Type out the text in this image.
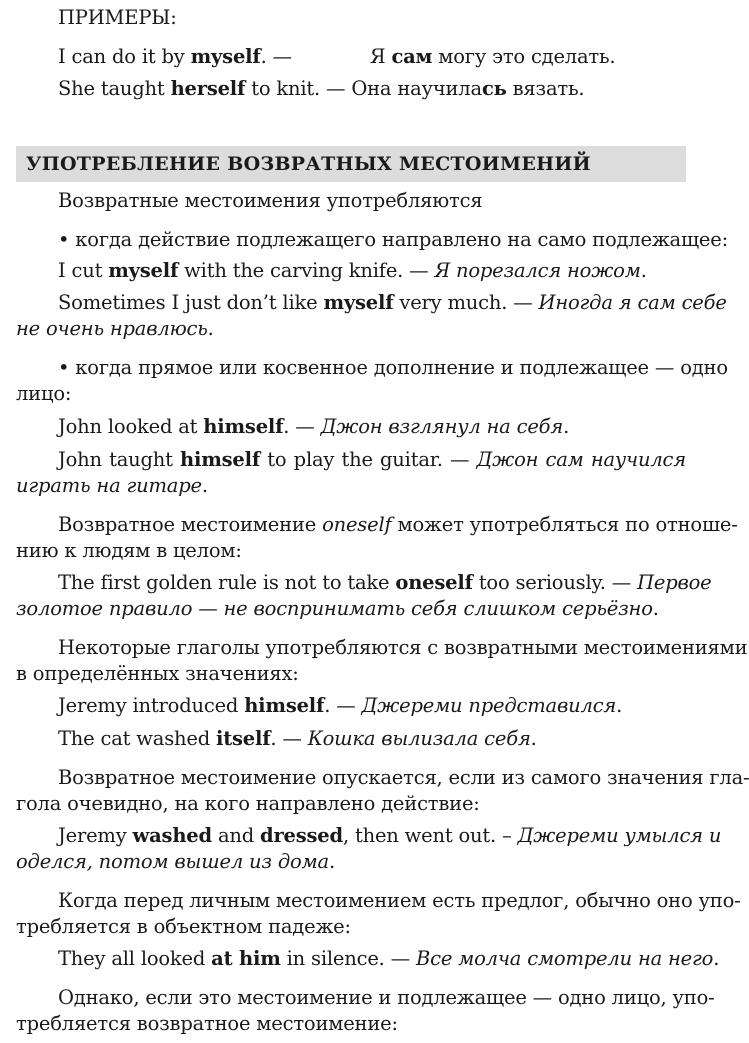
ПРИМЕРЫ:
I can do it by myself. —	Я сам могу это сделать.
She taught herself to knit. — Она научилась вязать.
УПОТРЕБЛЕНИЕ ВОЗВРАТНЫХ МЕСТОИМЕНИЙ
Возвратные местоимения употребляются
• когда действие подлежащего направлено на само подлежащее:
I cut myself with the carving knife. — Я порезался ножом.
Sometimes I just don’t like myself very much. — Иногда я сам себе
не очень нравлюсь.
• когда прямое или косвенное дополнение и подлежащее — одно
лицо:
John looked at himself. — Джон взглянул на себя.
John taught himself to play the guitar. — Джон сам научился
играть на гитаре.
Возвратное местоимение oneself может употребляться по отноше-
нию к людям в целом:
The first golden rule is not to take oneself too seriously. — Первое
золотое правило — не воспринимать себя слишком серьёзно.
Некоторые глаголы употребляются с возвратными местоимениями
в определённых значениях:
Jeremy introduced himself. — Джереми представился.
The cat washed itself. — Кошка вылизала себя.
Возвратное местоимение опускается, если из самого значения гла-
гола очевидно, на кого направлено действие:
Jeremy washed and dressed, then went out. – Джереми умылся и
оделся, потом вышел из дома.
Когда перед личным местоимением есть предлог, обычно оно упо-
требляется в объектном падеже:
They all looked at him in silence. — Все молча смотрели на него.
Однако, если это местоимение и подлежащее — одно лицо, упо-
требляется возвратное местоимение:
